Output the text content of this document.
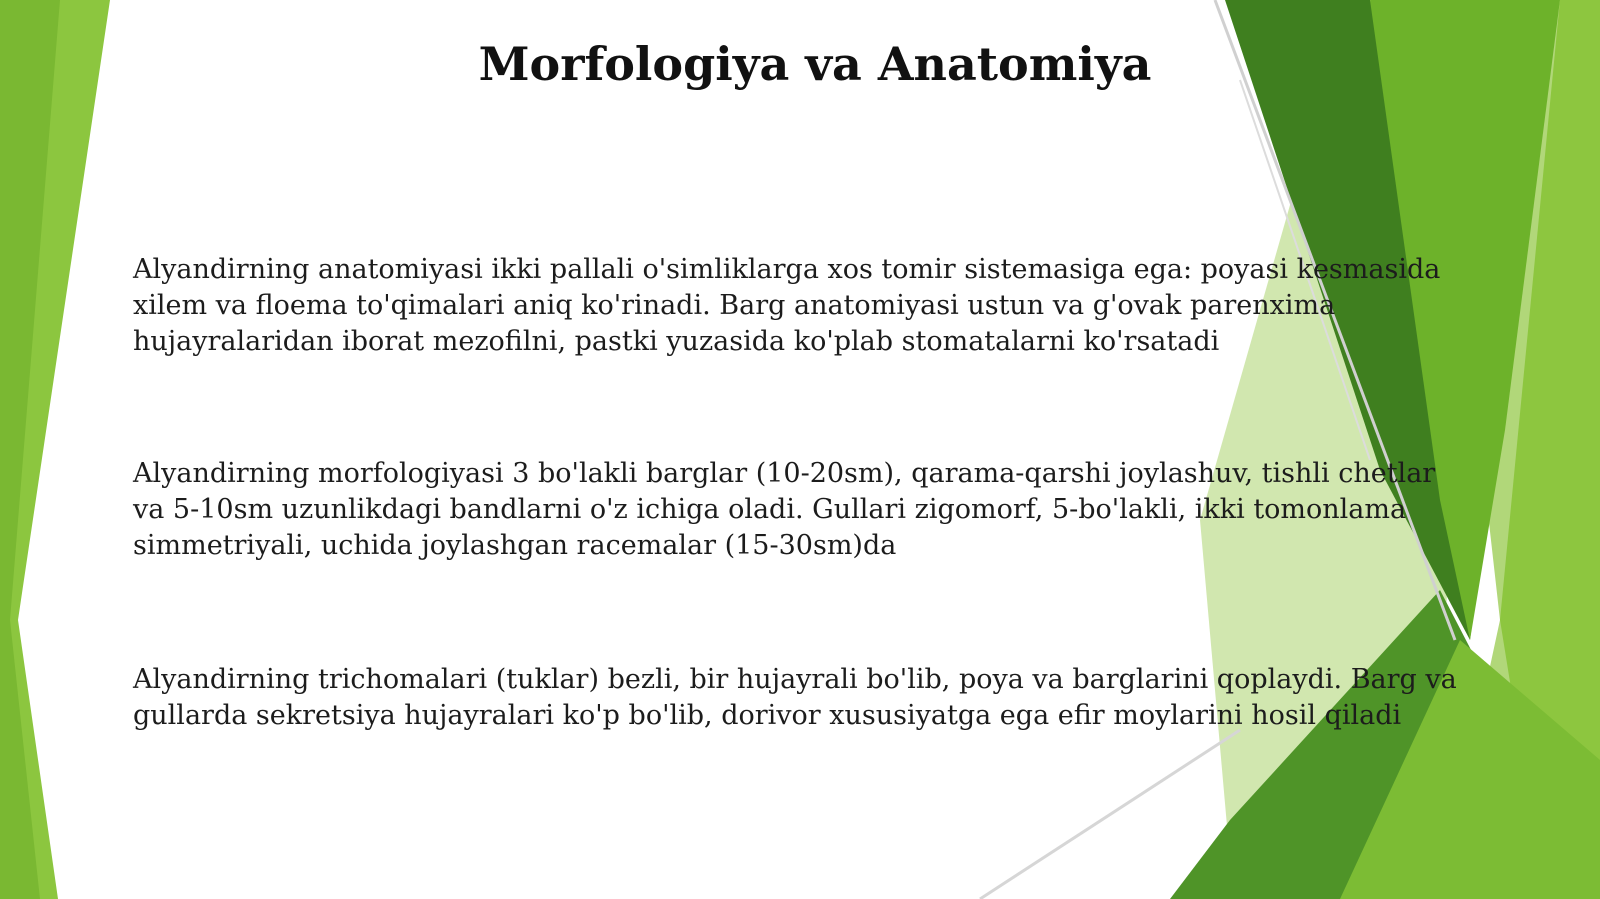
Morfologiya va Anatomiya

Alyandirning anatomiyasi ikki pallali o'simliklarga xos tomir sistemasiga ega: poyasi kesmasida xilem va floema to'qimalari aniq ko'rinadi. Barg anatomiyasi ustun va g'ovak parenxima hujayralaridan iborat mezofilni, pastki yuzasida ko'plab stomatalarni ko'rsatadi

Alyandirning morfologiyasi 3 bo'lakli barglar (10-20sm), qarama-qarshi joylashuv, tishli chetlar va 5-10sm uzunlikdagi bandlarni o'z ichiga oladi. Gullari zigomorf, 5-bo'lakli, ikki tomonlama simmetriyali, uchida joylashgan racemalar (15-30sm)da

Alyandirning trichomalari (tuklar) bezli, bir hujayrali bo'lib, poya va barglarini qoplaydi. Barg va gullarda sekretsiya hujayralari ko'p bo'lib, dorivor xususiyatga ega efir moylarini hosil qiladi
